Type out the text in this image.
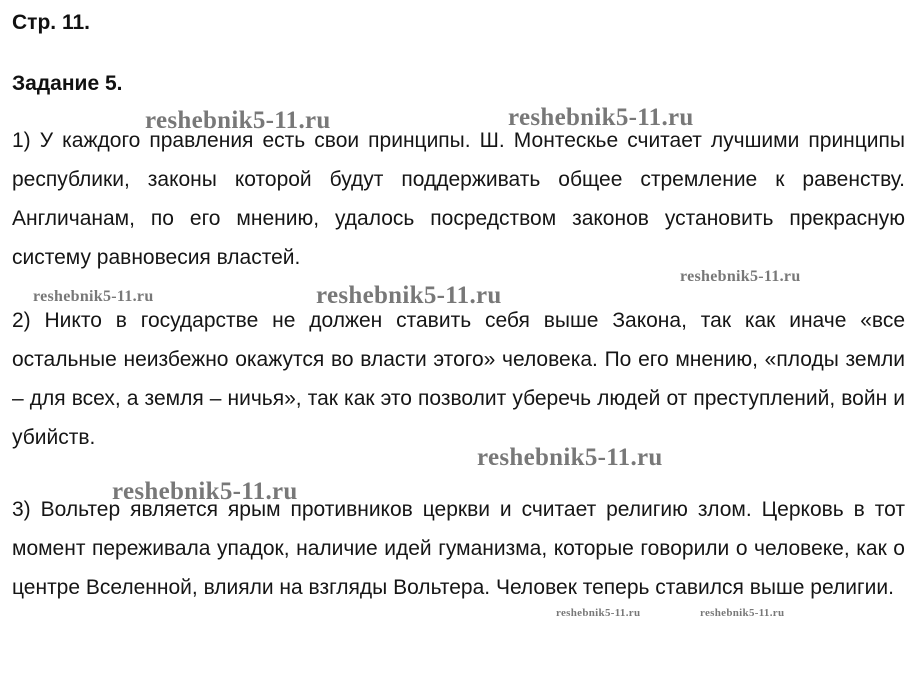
Стр. 11.
Задание 5.

1) У каждого правления есть свои принципы. Ш. Монтескье считает лучшими принципы республики, законы которой будут поддерживать общее стремление к равенству. Англичанам, по его мнению, удалось посредством законов установить прекрасную систему равновесия властей.

2) Никто в государстве не должен ставить себя выше Закона, так как иначе «все остальные неизбежно окажутся во власти этого» человека. По его мнению, «плоды земли – для всех, а земля – ничья», так как это позволит уберечь людей от преступлений, войн и убийств.

3) Вольтер является ярым противников церкви и считает религию злом. Церковь в тот момент переживала упадок, наличие идей гуманизма, которые говорили о человеке, как о центре Вселенной, влияли на взгляды Вольтера. Человек теперь ставился выше религии.

reshebnik5-11.ru	reshebnik5-11.ru
reshebnik5-11.ru
reshebnik5-11.ru	reshebnik5-11.ru
reshebnik5-11.ru
reshebnik5-11.ru
reshebnik5-11.ru	reshebnik5-11.ru
